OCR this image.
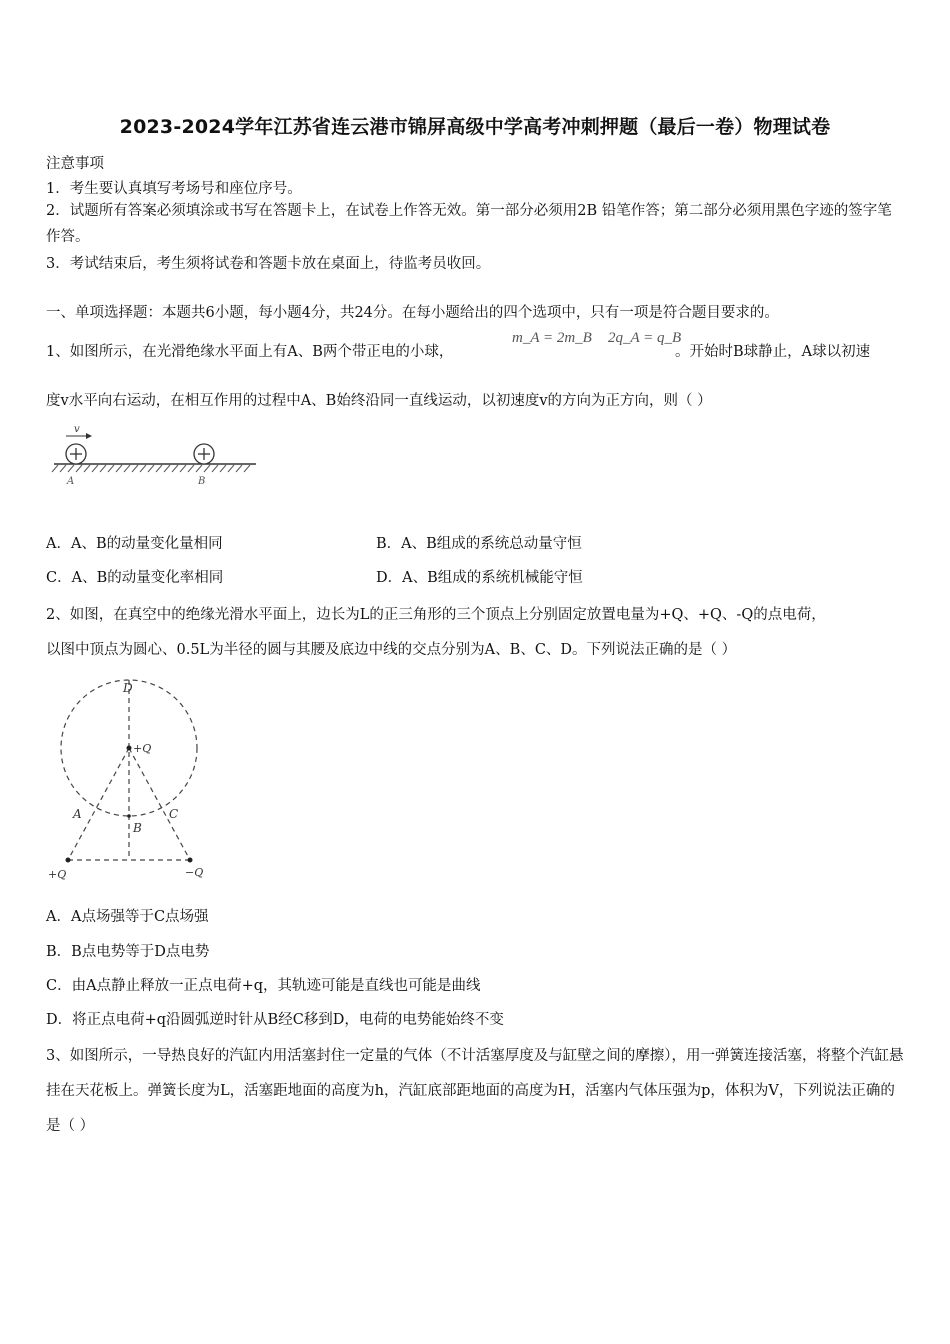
2023-2024学年江苏省连云港市锦屏高级中学高考冲刺押题（最后一卷）物理试卷
注意事项
1．考生要认真填写考场号和座位序号。
2．试题所有答案必须填涂或书写在答题卡上，在试卷上作答无效。第一部分必须用2B 铅笔作答；第二部分必须用黑色字迹的签字笔作答。
3．考试结束后，考生须将试卷和答题卡放在桌面上，待监考员收回。
一、单项选择题：本题共6小题，每小题4分，共24分。在每小题给出的四个选项中，只有一项是符合题目要求的。
1、如图所示，在光滑绝缘水平面上有A、B两个带正电的小球，
m_A = 2m_B 2q_A = q_B
。开始时B球静止，A球以初速
度v水平向右运动，在相互作用的过程中A、B始终沿同一直线运动，以初速度v的方向为正方向，则（ ）
v
A	B
A．A、B的动量变化量相同	B．A、B组成的系统总动量守恒
C．A、B的动量变化率相同	D．A、B组成的系统机械能守恒
2、如图，在真空中的绝缘光滑水平面上，边长为L的正三角形的三个顶点上分别固定放置电量为+Q、+Q、-Q的点电荷，
以图中顶点为圆心、0.5L为半径的圆与其腰及底边中线的交点分别为A、B、C、D。下列说法正确的是（ ）
D
+Q
A
B
C
+Q	−Q
A．A点场强等于C点场强
B．B点电势等于D点电势
C．由A点静止释放一正点电荷+q，其轨迹可能是直线也可能是曲线
D．将正点电荷+q沿圆弧逆时针从B经C移到D，电荷的电势能始终不变
3、如图所示，一导热良好的汽缸内用活塞封住一定量的气体（不计活塞厚度及与缸壁之间的摩擦），用一弹簧连接活塞，将整个汽缸悬挂在天花板上。弹簧长度为L，活塞距地面的高度为h，汽缸底部距地面的高度为H，活塞内气体压强为p，体积为V，下列说法正确的是（ ）
